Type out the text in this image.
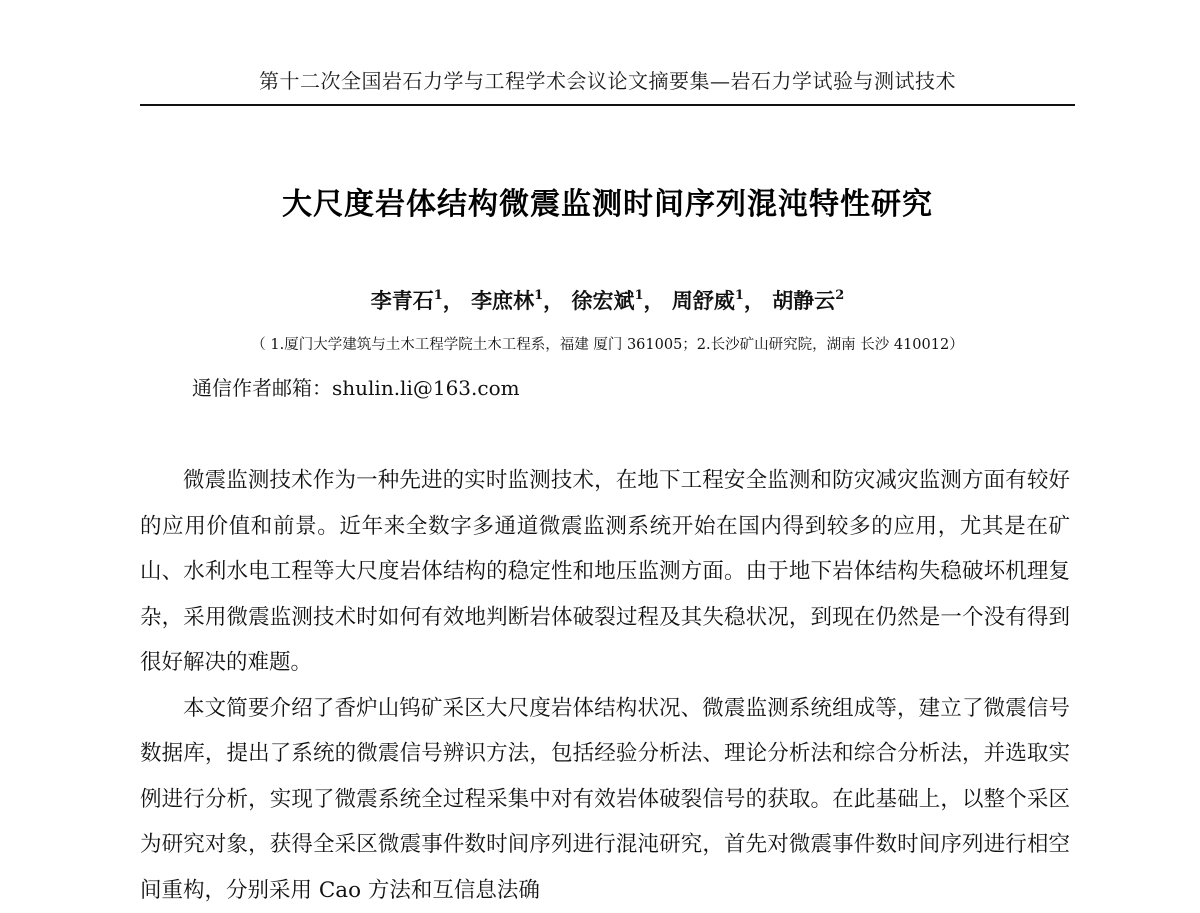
第十二次全国岩石力学与工程学术会议论文摘要集—岩石力学试验与测试技术
大尺度岩体结构微震监测时间序列混沌特性研究
李青石$^1$， 李庶林$^1$， 徐宏斌$^1$， 周舒威$^1$， 胡静云$^2$
（ 1.厦门大学建筑与土木工程学院土木工程系，福建 厦门 361005；2.长沙矿山研究院，湖南 长沙 410012）
通信作者邮箱：shulin.li@163.com

微震监测技术作为一种先进的实时监测技术，在地下工程安全监测和防灾减灾监测方面有较好的应用价值和前景。近年来全数字多通道微震监测系统开始在国内得到较多的应用，尤其是在矿山、水利水电工程等大尺度岩体结构的稳定性和地压监测方面。由于地下岩体结构失稳破坏机理复杂，采用微震监测技术时如何有效地判断岩体破裂过程及其失稳状况，到现在仍然是一个没有得到很好解决的难题。

本文简要介绍了香炉山钨矿采区大尺度岩体结构状况、微震监测系统组成等，建立了微震信号数据库，提出了系统的微震信号辨识方法，包括经验分析法、理论分析法和综合分析法，并选取实例进行分析，实现了微震系统全过程采集中对有效岩体破裂信号的获取。在此基础上，以整个采区为研究对象，获得全采区微震事件数时间序列进行混沌研究，首先对微震事件数时间序列进行相空间重构，分别采用 Cao 方法和互信息法确
